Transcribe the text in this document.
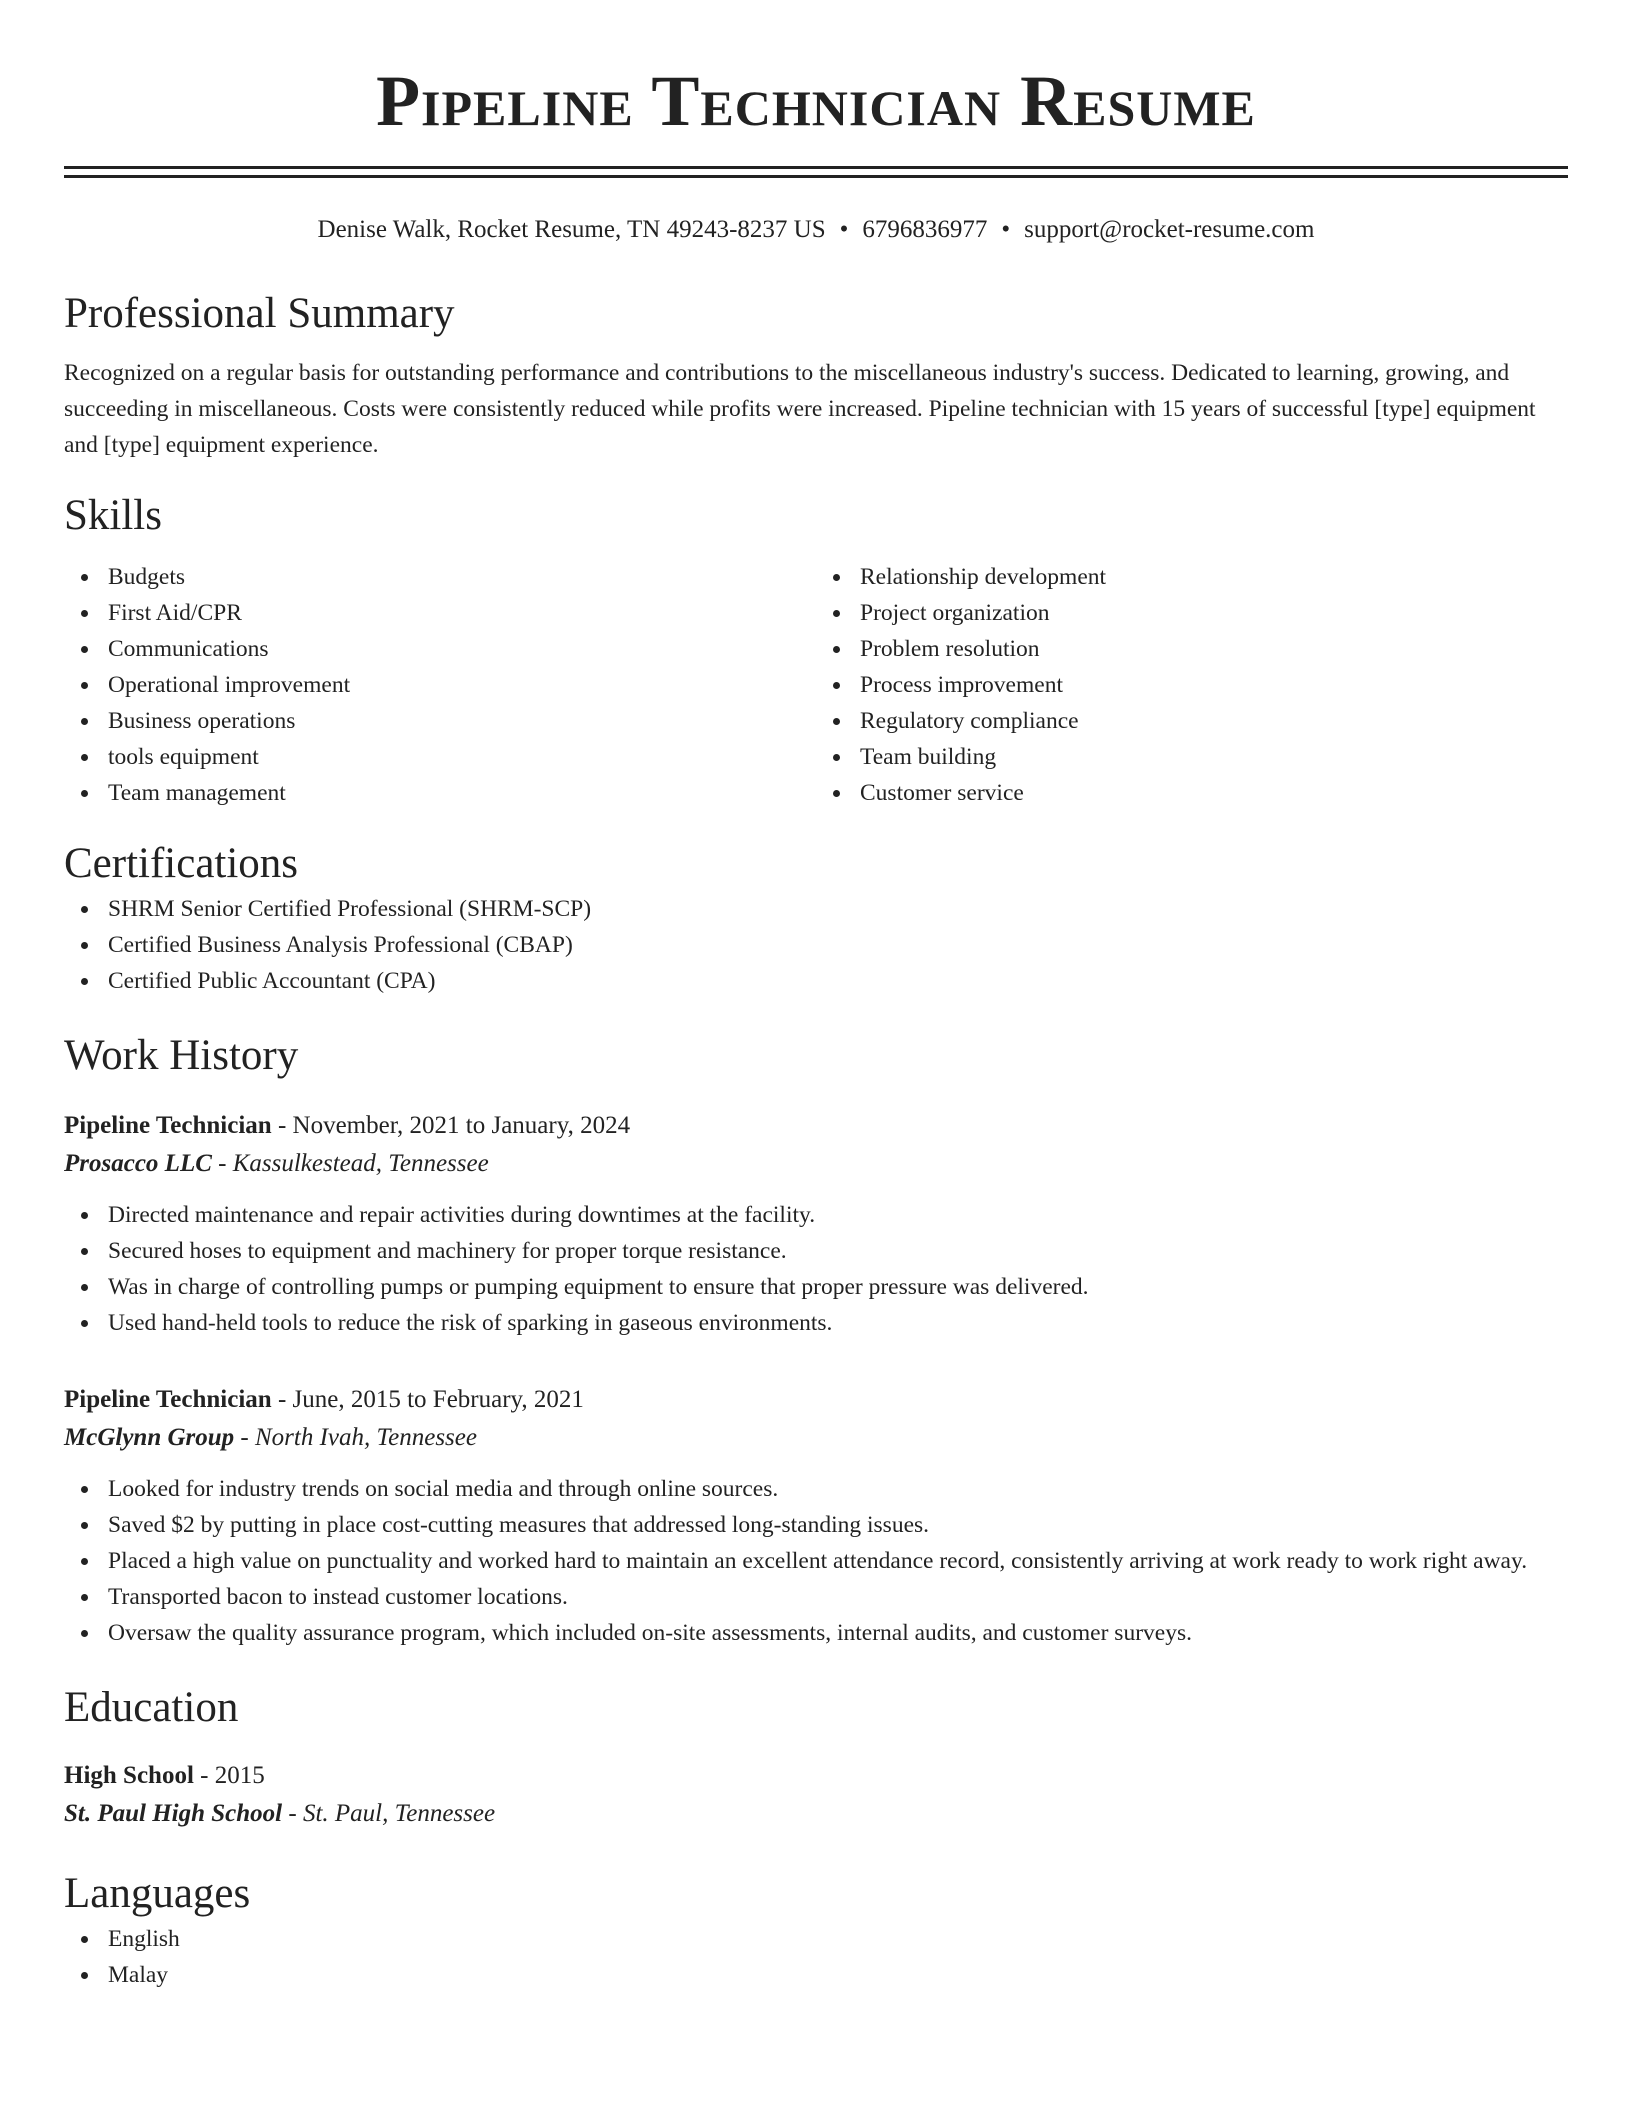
Pipeline Technician Resume
Denise Walk, Rocket Resume, TN 49243-8237 US • 6796836977 • support@rocket-resume.com
Professional Summary

Recognized on a regular basis for outstanding performance and contributions to the miscellaneous industry's success. Dedicated to learning, growing, and succeeding in miscellaneous. Costs were consistently reduced while profits were increased. Pipeline technician with 15 years of successful [type] equipment and [type] equipment experience.

Skills
Budgets
First Aid/CPR
Communications
Operational improvement
Business operations
tools equipment
Team management
Relationship development
Project organization
Problem resolution
Process improvement
Regulatory compliance
Team building
Customer service
Certifications
SHRM Senior Certified Professional (SHRM-SCP)
Certified Business Analysis Professional (CBAP)
Certified Public Accountant (CPA)
Work History
Pipeline Technician - November, 2021 to January, 2024
Prosacco LLC - Kassulkestead, Tennessee
Directed maintenance and repair activities during downtimes at the facility.
Secured hoses to equipment and machinery for proper torque resistance.
Was in charge of controlling pumps or pumping equipment to ensure that proper pressure was delivered.
Used hand-held tools to reduce the risk of sparking in gaseous environments.
Pipeline Technician - June, 2015 to February, 2021
McGlynn Group - North Ivah, Tennessee
Looked for industry trends on social media and through online sources.
Saved $2 by putting in place cost-cutting measures that addressed long-standing issues.
Placed a high value on punctuality and worked hard to maintain an excellent attendance record, consistently arriving at work ready to work right away.
Transported bacon to instead customer locations.
Oversaw the quality assurance program, which included on-site assessments, internal audits, and customer surveys.
Education
High School - 2015
St. Paul High School - St. Paul, Tennessee
Languages
English
Malay
